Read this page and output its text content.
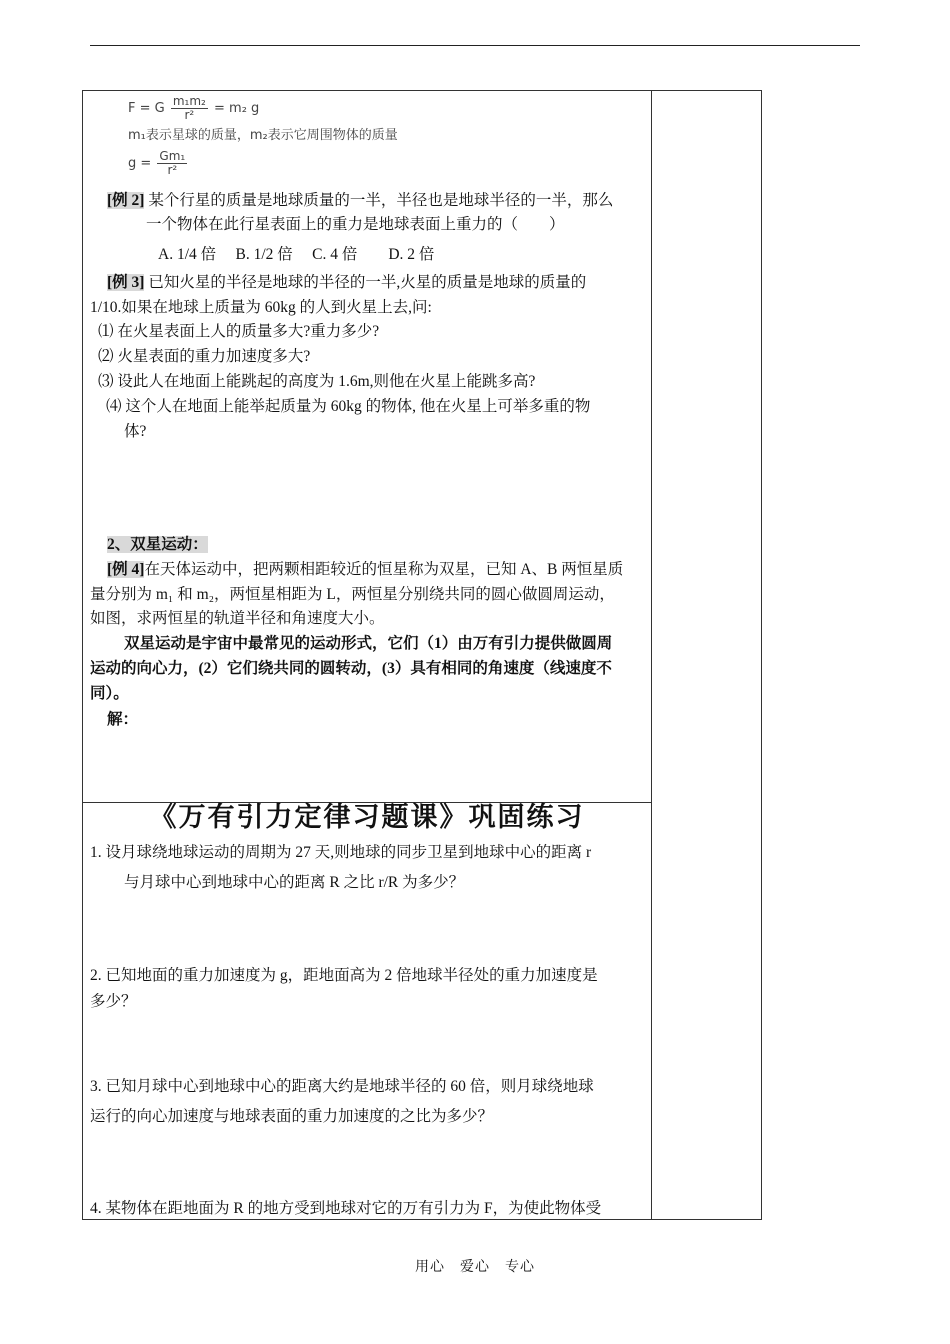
F = G $\frac{\text{m₁m₂}}{\text{r²}} = m_2$ g
m₁表示星球的质量，m₂表示它周围物体的质量
$g = \frac{\text{Gm₁}}{\text{r²}}$
[例 2] 某个行星的质量是地球质量的一半，半径也是地球半径的一半，那么
一个物体在此行星表面上的重力是地球表面上重力的（　　）
A. 1/4 倍　 B. 1/2 倍　 C. 4 倍　　D. 2 倍
[例 3] 已知火星的半径是地球的半径的一半,火星的质量是地球的质量的
1/10.如果在地球上质量为 60kg 的人到火星上去,问:
⑴ 在火星表面上人的质量多大?重力多少?
⑵ 火星表面的重力加速度多大?
⑶ 设此人在地面上能跳起的高度为 1.6m,则他在火星上能跳多高?
⑷ 这个人在地面上能举起质量为 60kg 的物体, 他在火星上可举多重的物
体?
2、双星运动：
[例 4]在天体运动中，把两颗相距较近的恒星称为双星，已知 A、B 两恒星质
量分别为 m₁ 和 m₂，两恒星相距为 L，两恒星分别绕共同的圆心做圆周运动，
如图，求两恒星的轨道半径和角速度大小。
双星运动是宇宙中最常见的运动形式，它们（1）由万有引力提供做圆周
运动的向心力，(2）它们绕共同的圆转动，(3）具有相同的角速度（线速度不
同）。
解：
《万有引力定律习题课》巩固练习
1. 设月球绕地球运动的周期为 27 天,则地球的同步卫星到地球中心的距离 r
与月球中心到地球中心的距离 R 之比 r/R 为多少？
2. 已知地面的重力加速度为 g，距地面高为 2 倍地球半径处的重力加速度是
多少？
3. 已知月球中心到地球中心的距离大约是地球半径的 60 倍，则月球绕地球
运行的向心加速度与地球表面的重力加速度的之比为多少？
4. 某物体在距地面为 R 的地方受到地球对它的万有引力为 F，为使此物体受
用心　爱心　专心
